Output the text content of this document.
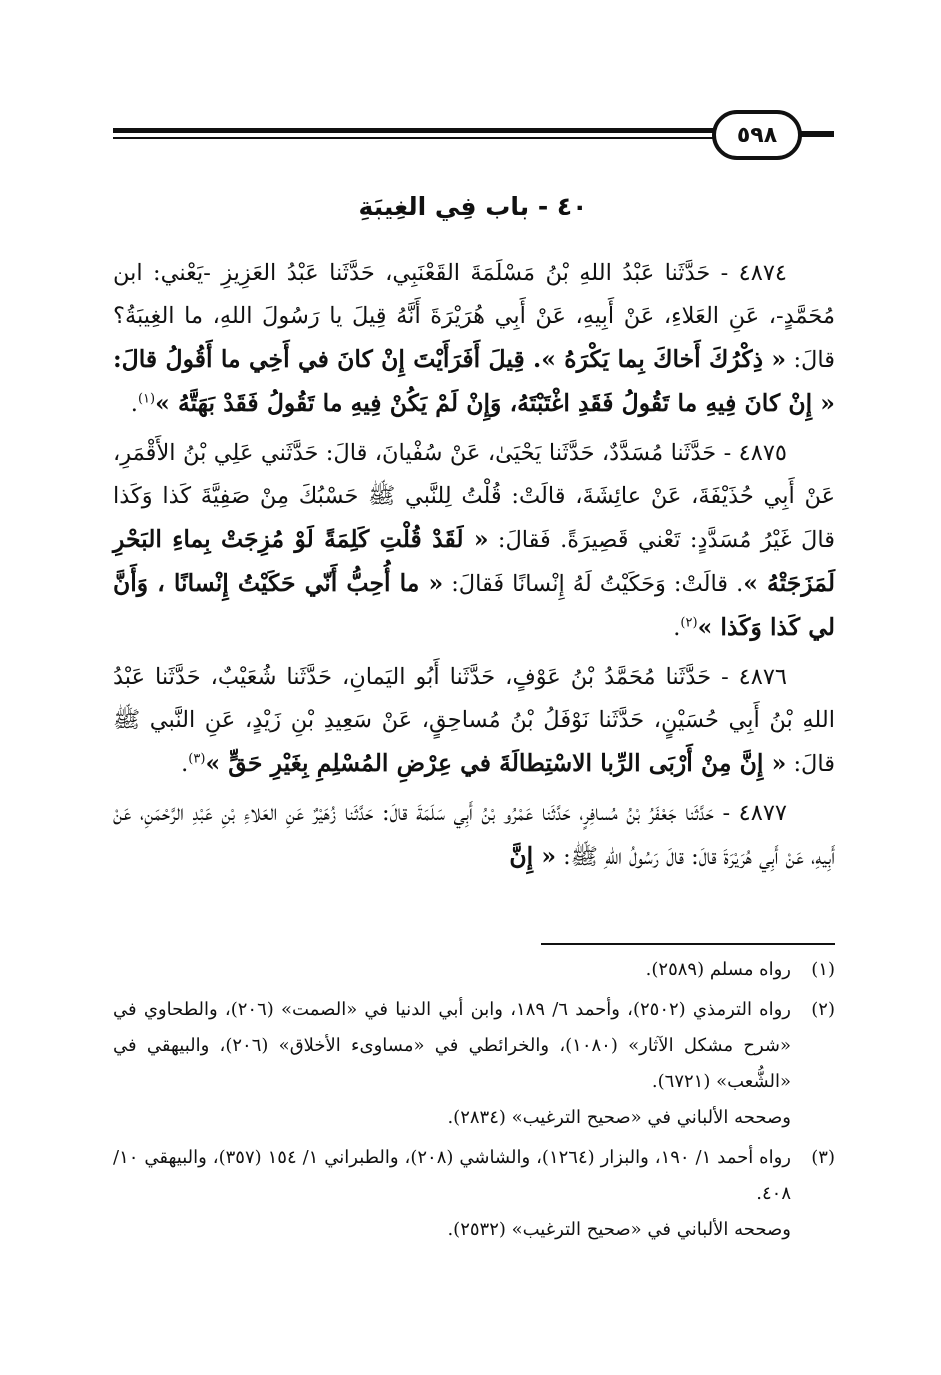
٥٩٨
٤٠ - باب فِي الغِيبَةِ

٤٨٧٤ - حَدَّثَنا عَبْدُ اللهِ بْنُ مَسْلَمَةَ القَعْنَبِي، حَدَّثَنا عَبْدُ العَزِيزِ -يَعْني: ابن مُحَمَّدٍ-، عَنِ العَلاءِ، عَنْ أَبِيهِ، عَنْ أَبِي هُرَيْرَةَ أَنَّهُ قِيلَ يا رَسُولَ اللهِ، ما الغِيبَةُ؟ قالَ: « ذِكْرُكَ أَخاكَ بِما يَكْرَهُ ». قِيلَ أَفَرَأَيْتَ إِنْ كانَ في أَخِي ما أَقُولُ قالَ: « إِنْ كانَ فِيهِ ما تَقُولُ فَقَدِ اغْتَبْتَهُ، وَإِنْ لَمْ يَكُنْ فِيهِ ما تَقُولُ فَقَدْ بَهَتَّهُ »$^{(١)}$.

٤٨٧٥ - حَدَّثَنا مُسَدَّدٌ، حَدَّثَنا يَحْيَىٰ، عَنْ سُفْيانَ، قالَ: حَدَّثَني عَلِي بْنُ الأَقْمَرِ، عَنْ أَبِي حُذَيْفَةَ، عَنْ عائِشَةَ، قالَتْ: قُلْتُ لِلنَّبي ﷺ حَسْبُكَ مِنْ صَفِيَّةَ كَذا وَكَذا قالَ غَيْرُ مُسَدَّدٍ: تَعْني قَصِيرَةً. فَقالَ: « لَقَدْ قُلْتِ كَلِمَةً لَوْ مُزِجَتْ بِماءِ البَحْرِ لَمَزَجَتْهُ ». قالَتْ: وَحَكَيْتُ لَهُ إِنْسانًا فَقالَ: « ما أُحِبُّ أَنّي حَكَيْتُ إِنْسانًا ، وَأَنَّ لي كَذا وَكَذا »$^{(٢)}$.

٤٨٧٦ - حَدَّثَنا مُحَمَّدُ بْنُ عَوْفٍ، حَدَّثَنا أَبُو اليَمانِ، حَدَّثَنا شُعَيْبٌ، حَدَّثَنا عَبْدُ اللهِ بْنُ أَبِي حُسَيْنٍ، حَدَّثَنا نَوْفَلُ بْنُ مُساحِقٍ، عَنْ سَعِيدِ بْنِ زَيْدٍ، عَنِ النَّبي ﷺ قالَ: « إِنَّ مِنْ أَرْبَى الرِّبا الاسْتِطالَةَ في عِرْضِ المُسْلِمِ بِغَيْرِ حَقٍّ »$^{(٣)}$.

٤٨٧٧ - حَدَّثَنا جَعْفَرُ بْنُ مُسافِرٍ، حَدَّثَنا عَمْرُو بْنُ أَبِي سَلَمَةَ قالَ: حَدَّثَنا زُهَيْرٌ عَنِ العَلاءِ بْنِ عَبْدِ الرَّحْمَنِ، عَنْ أَبِيهِ، عَنْ أَبِي هُرَيْرَةَ قالَ: قالَ رَسُولُ اللهِ ﷺ: « إِنَّ

(١)
رواه مسلم (٢٥٨٩).
(٢)
رواه الترمذي (٢٥٠٢)، وأحمد ٦/ ١٨٩، وابن أبي الدنيا في «الصمت» (٢٠٦)، والطحاوي في «شرح مشكل الآثار» (١٠٨٠)، والخرائطي في «مساوىء الأخلاق» (٢٠٦)، والبيهقي في «الشُّعب» (٦٧٢١).
وصححه الألباني في «صحيح الترغيب» (٢٨٣٤).
(٣)
رواه أحمد ١/ ١٩٠، والبزار (١٢٦٤)، والشاشي (٢٠٨)، والطبراني ١/ ١٥٤ (٣٥٧)، والبيهقي ١٠/ ٤٠٨.
وصححه الألباني في «صحيح الترغيب» (٢٥٣٢).
